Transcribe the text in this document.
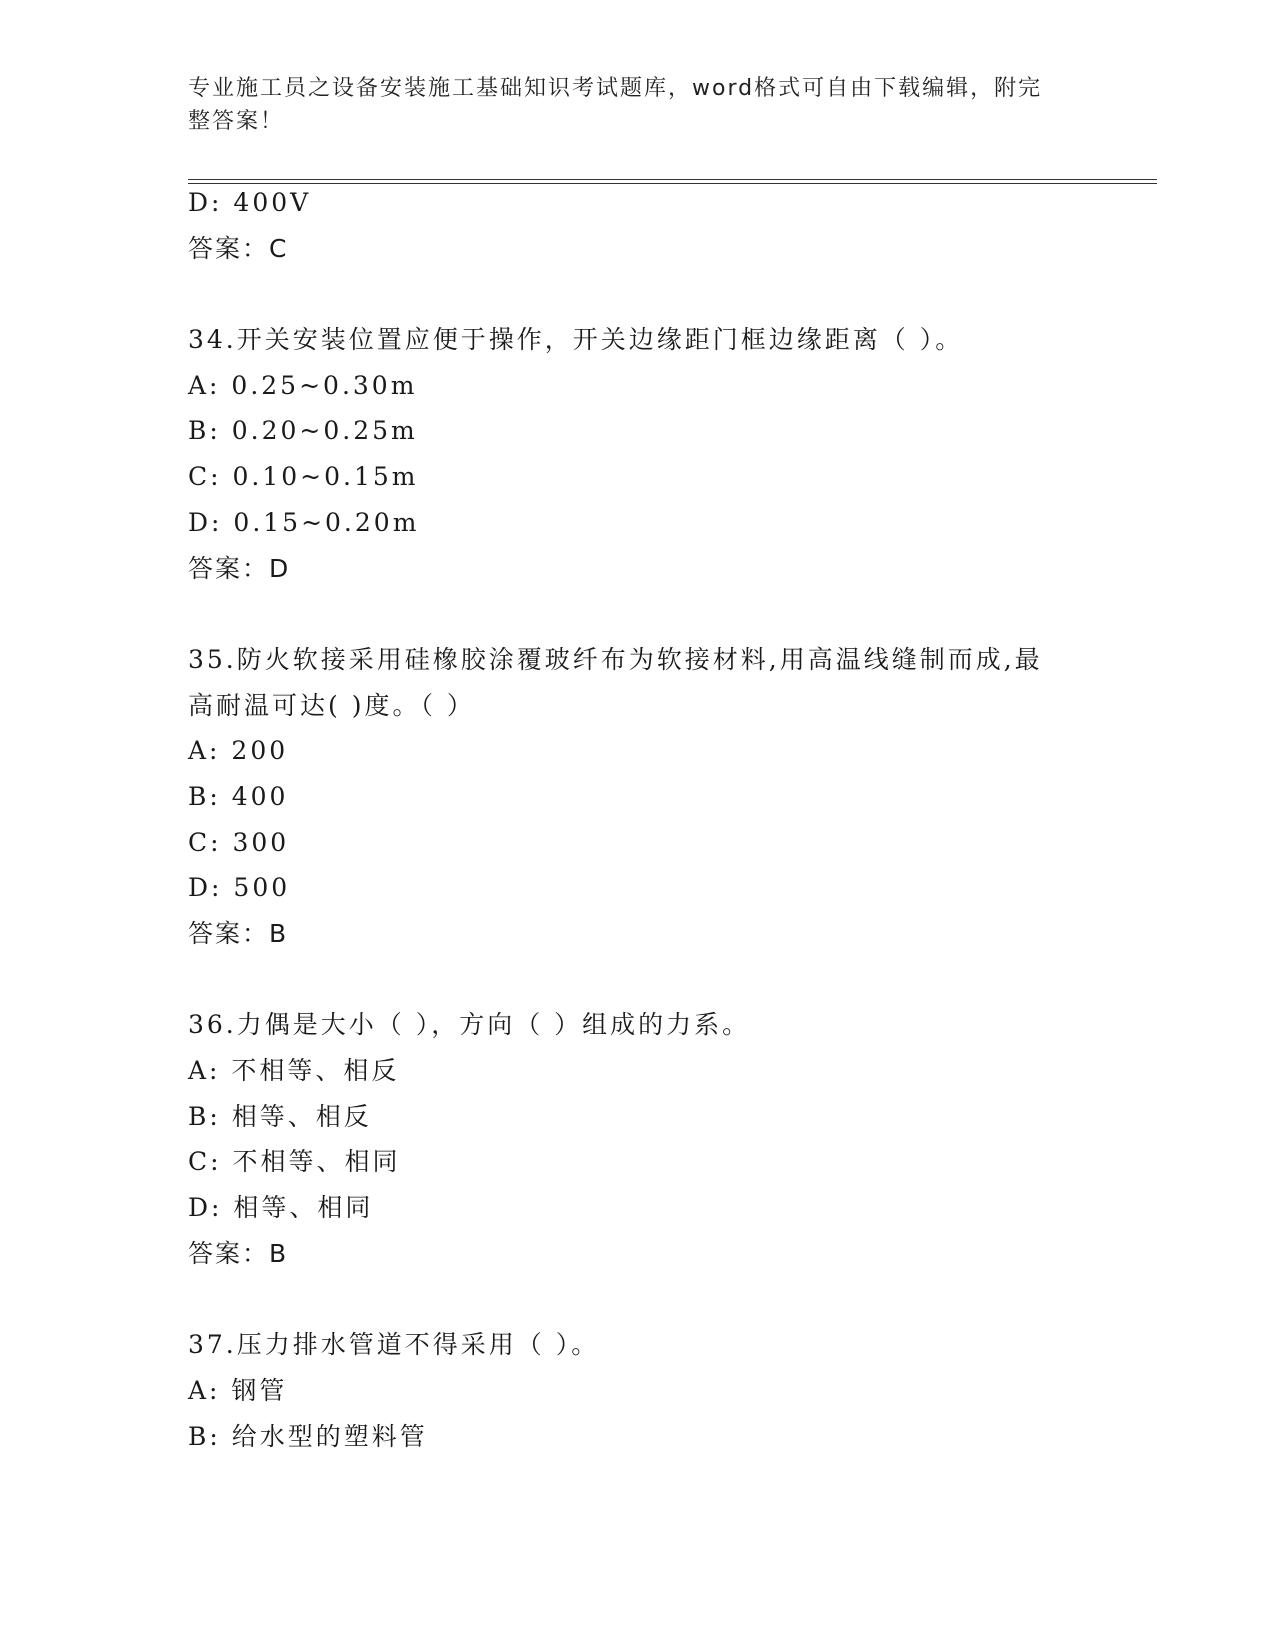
专业施工员之设备安装施工基础知识考试题库，word格式可自由下载编辑，附完
整答案！
D: 400V
答案：C
34.开关安装位置应便于操作，开关边缘距门框边缘距离（ ）。
A: 0.25~0.30m
B: 0.20~0.25m
C: 0.10~0.15m
D: 0.15~0.20m
答案：D
35.防火软接采用硅橡胶涂覆玻纤布为软接材料,用高温线缝制而成,最
高耐温可达( )度。（ ）
A: 200
B: 400
C: 300
D: 500
答案：B
36.力偶是大小（ ），方向（ ）组成的力系。
A: 不相等、相反
B: 相等、相反
C: 不相等、相同
D: 相等、相同
答案：B
37.压力排水管道不得采用（ ）。
A: 钢管
B: 给水型的塑料管
